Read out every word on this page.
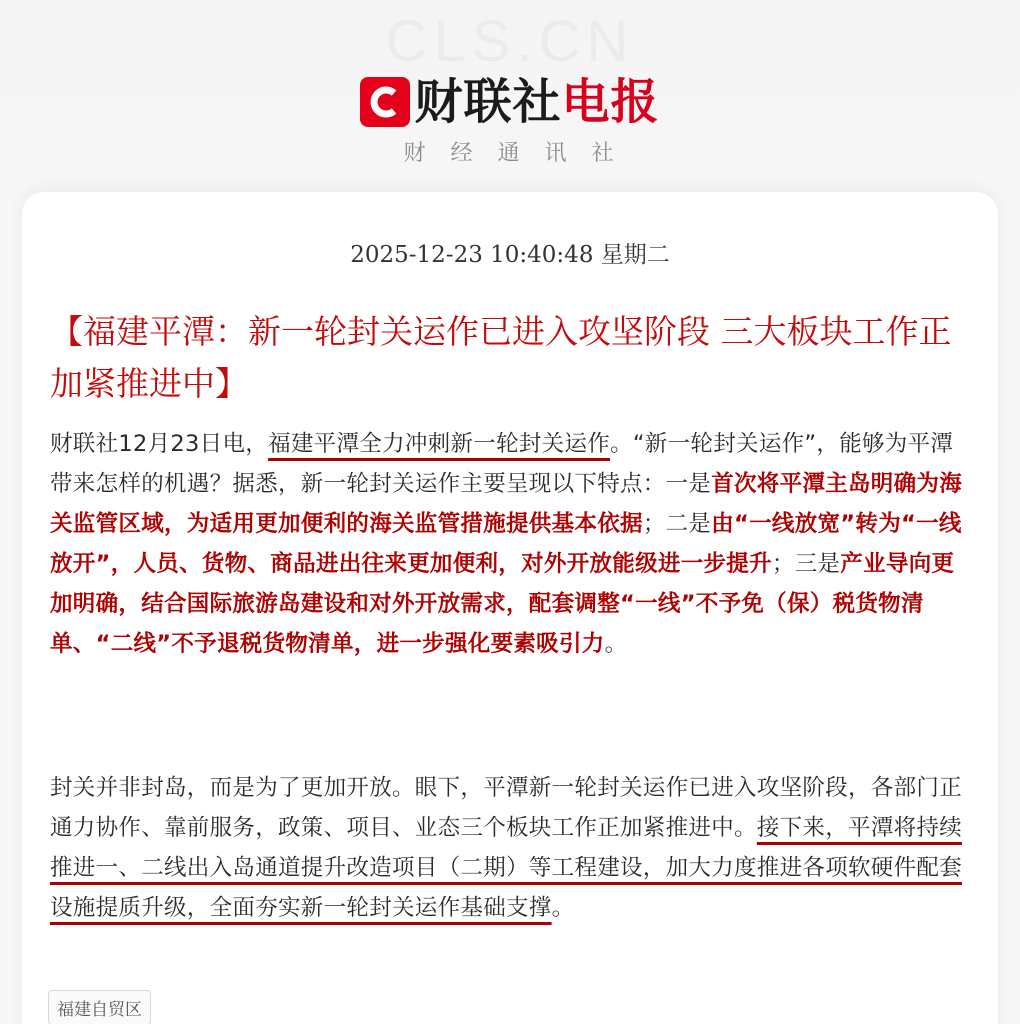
CLS.CN
财联社电报
财经通讯社
2025-12-23 10:40:48 星期二
【福建平潭：新一轮封关运作已进入攻坚阶段 三大板块工作正加紧推进中】
财联社12月23日电，福建平潭全力冲刺新一轮封关运作。“新一轮封关运作”，能够为平潭带来怎样的机遇？据悉，新一轮封关运作主要呈现以下特点：一是首次将平潭主岛明确为海关监管区域，为适用更加便利的海关监管措施提供基本依据；二是由“一线放宽”转为“一线放开”，人员、货物、商品进出往来更加便利，对外开放能级进一步提升；三是产业导向更加明确，结合国际旅游岛建设和对外开放需求，配套调整“一线”不予免（保）税货物清单、“二线”不予退税货物清单，进一步强化要素吸引力。
封关并非封岛，而是为了更加开放。眼下，平潭新一轮封关运作已进入攻坚阶段，各部门正通力协作、靠前服务，政策、项目、业态三个板块工作正加紧推进中。接下来，平潭将持续推进一、二线出入岛通道提升改造项目（二期）等工程建设，加大力度推进各项软硬件配套设施提质升级，全面夯实新一轮封关运作基础支撑。
福建自贸区
